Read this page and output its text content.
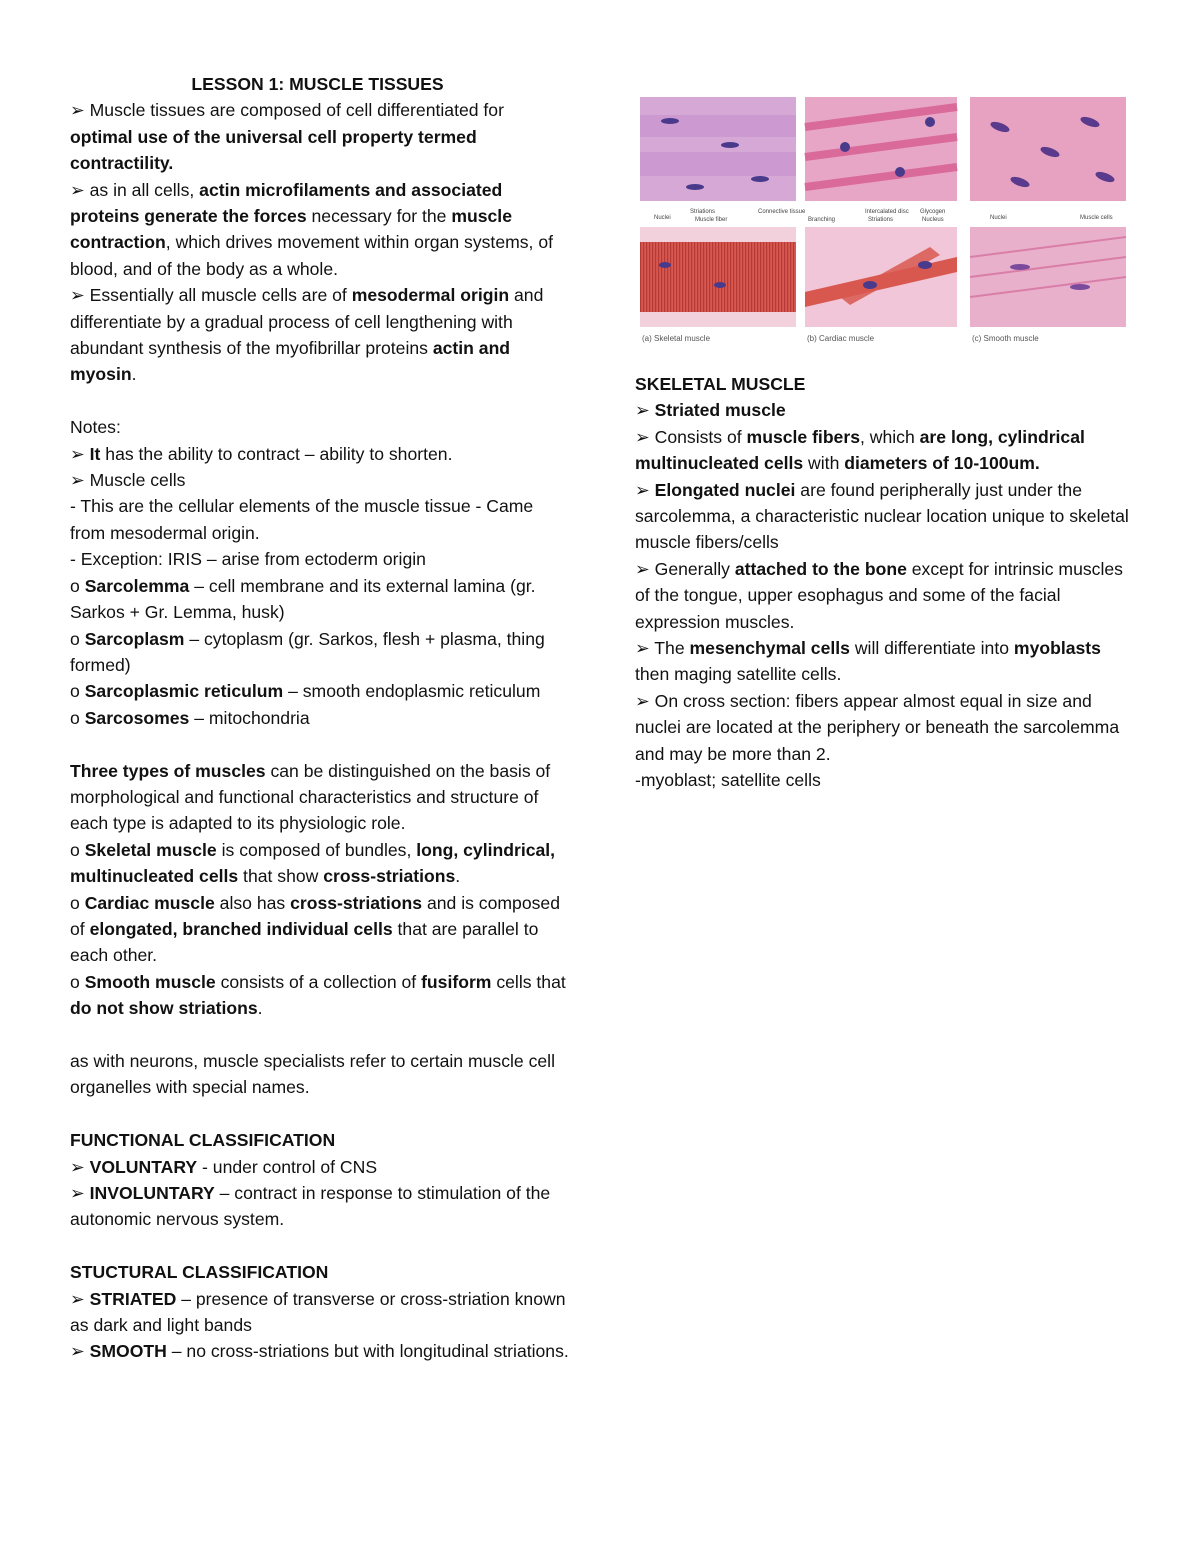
LESSON 1: MUSCLE TISSUES
➢ Muscle tissues are composed of cell differentiated for optimal use of the universal cell property termed contractility.
➢ as in all cells, actin microfilaments and associated proteins generate the forces necessary for the muscle contraction, which drives movement within organ systems, of blood, and of the body as a whole.
➢ Essentially all muscle cells are of mesodermal origin and differentiate by a gradual process of cell lengthening with abundant synthesis of the myofibrillar proteins actin and myosin.
Notes:
➢ It has the ability to contract – ability to shorten.
➢ Muscle cells
- This are the cellular elements of the muscle tissue - Came from mesodermal origin.
- Exception: IRIS – arise from ectoderm origin
o Sarcolemma – cell membrane and its external lamina (gr. Sarkos + Gr. Lemma, husk)
o Sarcoplasm – cytoplasm (gr. Sarkos, flesh + plasma, thing formed)
o Sarcoplasmic reticulum – smooth endoplasmic reticulum
o Sarcosomes – mitochondria
Three types of muscles can be distinguished on the basis of morphological and functional characteristics and structure of each type is adapted to its physiologic role.
o Skeletal muscle is composed of bundles, long, cylindrical, multinucleated cells that show cross-striations.
o Cardiac muscle also has cross-striations and is composed of elongated, branched individual cells that are parallel to each other.
o Smooth muscle consists of a collection of fusiform cells that do not show striations.
as with neurons, muscle specialists refer to certain muscle cell organelles with special names.
FUNCTIONAL CLASSIFICATION
➢ VOLUNTARY - under control of CNS
➢ INVOLUNTARY – contract in response to stimulation of the autonomic nervous system.
STUCTURAL CLASSIFICATION
➢ STRIATED – presence of transverse or cross-striation known as dark and light bands
➢ SMOOTH – no cross-striations but with longitudinal striations.
Nuclei
Striations
Muscle fiber
Connective tissue	Intercalated disc
Branching	Striations
Glycogen
Nucleus	Nuclei	Muscle cells
(a) Skeletal muscle	(b) Cardiac muscle	(c) Smooth muscle
SKELETAL MUSCLE
➢ Striated muscle
➢ Consists of muscle fibers, which are long, cylindrical multinucleated cells with diameters of 10-100um.
➢ Elongated nuclei are found peripherally just under the sarcolemma, a characteristic nuclear location unique to skeletal muscle fibers/cells
➢ Generally attached to the bone except for intrinsic muscles of the tongue, upper esophagus and some of the facial expression muscles.
➢ The mesenchymal cells will differentiate into myoblasts then maging satellite cells.
➢ On cross section: fibers appear almost equal in size and nuclei are located at the periphery or beneath the sarcolemma and may be more than 2.
-myoblast; satellite cells
